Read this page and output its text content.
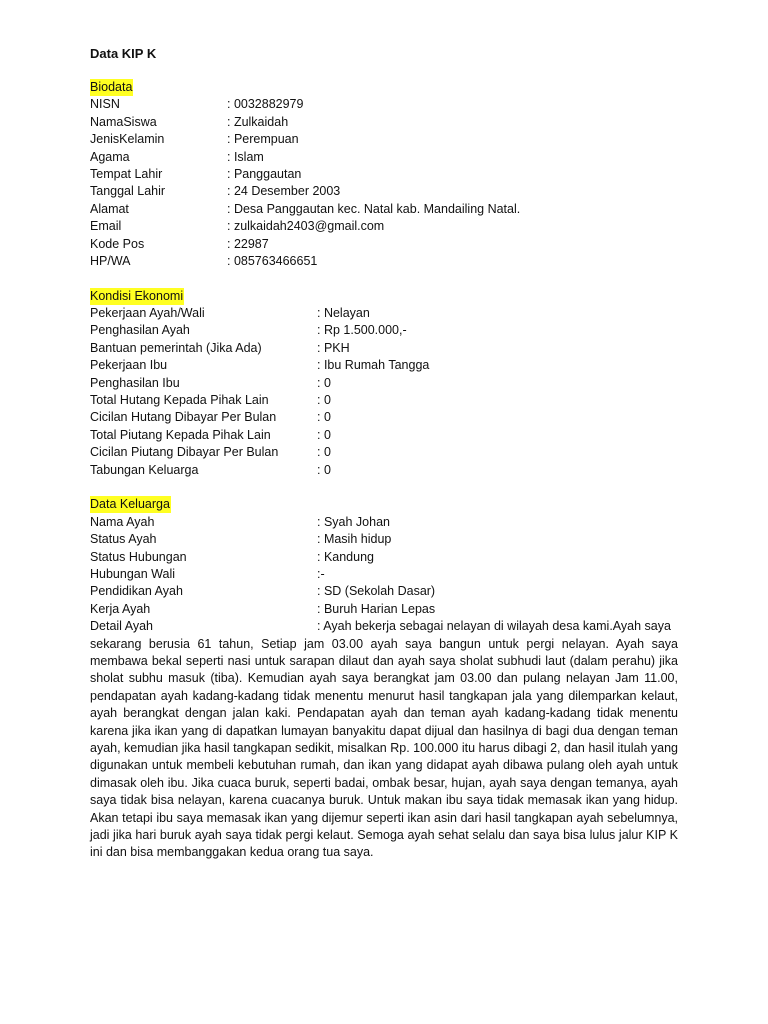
Data KIP K
Biodata
NISN	: 0032882979
NamaSiswa	: Zulkaidah
JenisKelamin	: Perempuan
Agama	: Islam
Tempat Lahir	: Panggautan
Tanggal Lahir	: 24 Desember 2003
Alamat	: Desa Panggautan kec. Natal kab. Mandailing Natal.
Email	: zulkaidah2403@gmail.com
Kode Pos	: 22987
HP/WA	: 085763466651
Kondisi Ekonomi
Pekerjaan Ayah/Wali	: Nelayan
Penghasilan Ayah	: Rp 1.500.000,-
Bantuan pemerintah (Jika Ada)	: PKH
Pekerjaan Ibu	: Ibu Rumah Tangga
Penghasilan Ibu	: 0
Total Hutang Kepada Pihak Lain	: 0
Cicilan Hutang Dibayar Per Bulan	: 0
Total Piutang Kepada Pihak Lain	: 0
Cicilan Piutang Dibayar Per Bulan	: 0
Tabungan Keluarga	: 0
Data Keluarga
Nama Ayah	: Syah Johan
Status Ayah	: Masih hidup
Status Hubungan	: Kandung
Hubungan Wali	:-
Pendidikan Ayah	: SD (Sekolah Dasar)
Kerja Ayah	: Buruh Harian Lepas
Detail Ayah	: Ayah bekerja sebagai nelayan di wilayah desa kami.Ayah saya

sekarang berusia 61 tahun, Setiap jam 03.00 ayah saya bangun untuk pergi nelayan. Ayah saya membawa bekal seperti nasi untuk sarapan dilaut dan ayah saya sholat subhudi laut (dalam perahu) jika sholat subhu masuk (tiba). Kemudian ayah saya berangkat jam 03.00 dan pulang nelayan Jam 11.00, pendapatan ayah kadang-kadang tidak menentu menurut hasil tangkapan jala yang dilemparkan kelaut, ayah berangkat dengan jalan kaki. Pendapatan ayah dan teman ayah kadang-kadang tidak menentu karena jika ikan yang di dapatkan lumayan banyakitu dapat dijual dan hasilnya di bagi dua dengan teman ayah, kemudian jika hasil tangkapan sedikit, misalkan Rp. 100.000 itu harus dibagi 2, dan hasil itulah yang digunakan untuk membeli kebutuhan rumah, dan ikan yang didapat ayah dibawa pulang oleh ayah untuk dimasak oleh ibu. Jika cuaca buruk, seperti badai, ombak besar, hujan, ayah saya dengan temanya, ayah saya tidak bisa nelayan, karena cuacanya buruk. Untuk makan ibu saya tidak memasak ikan yang hidup. Akan tetapi ibu saya memasak ikan yang dijemur seperti ikan asin dari hasil tangkapan ayah sebelumnya, jadi jika hari buruk ayah saya tidak pergi kelaut. Semoga ayah sehat selalu dan saya bisa lulus jalur KIP K ini dan bisa membanggakan kedua orang tua saya.
